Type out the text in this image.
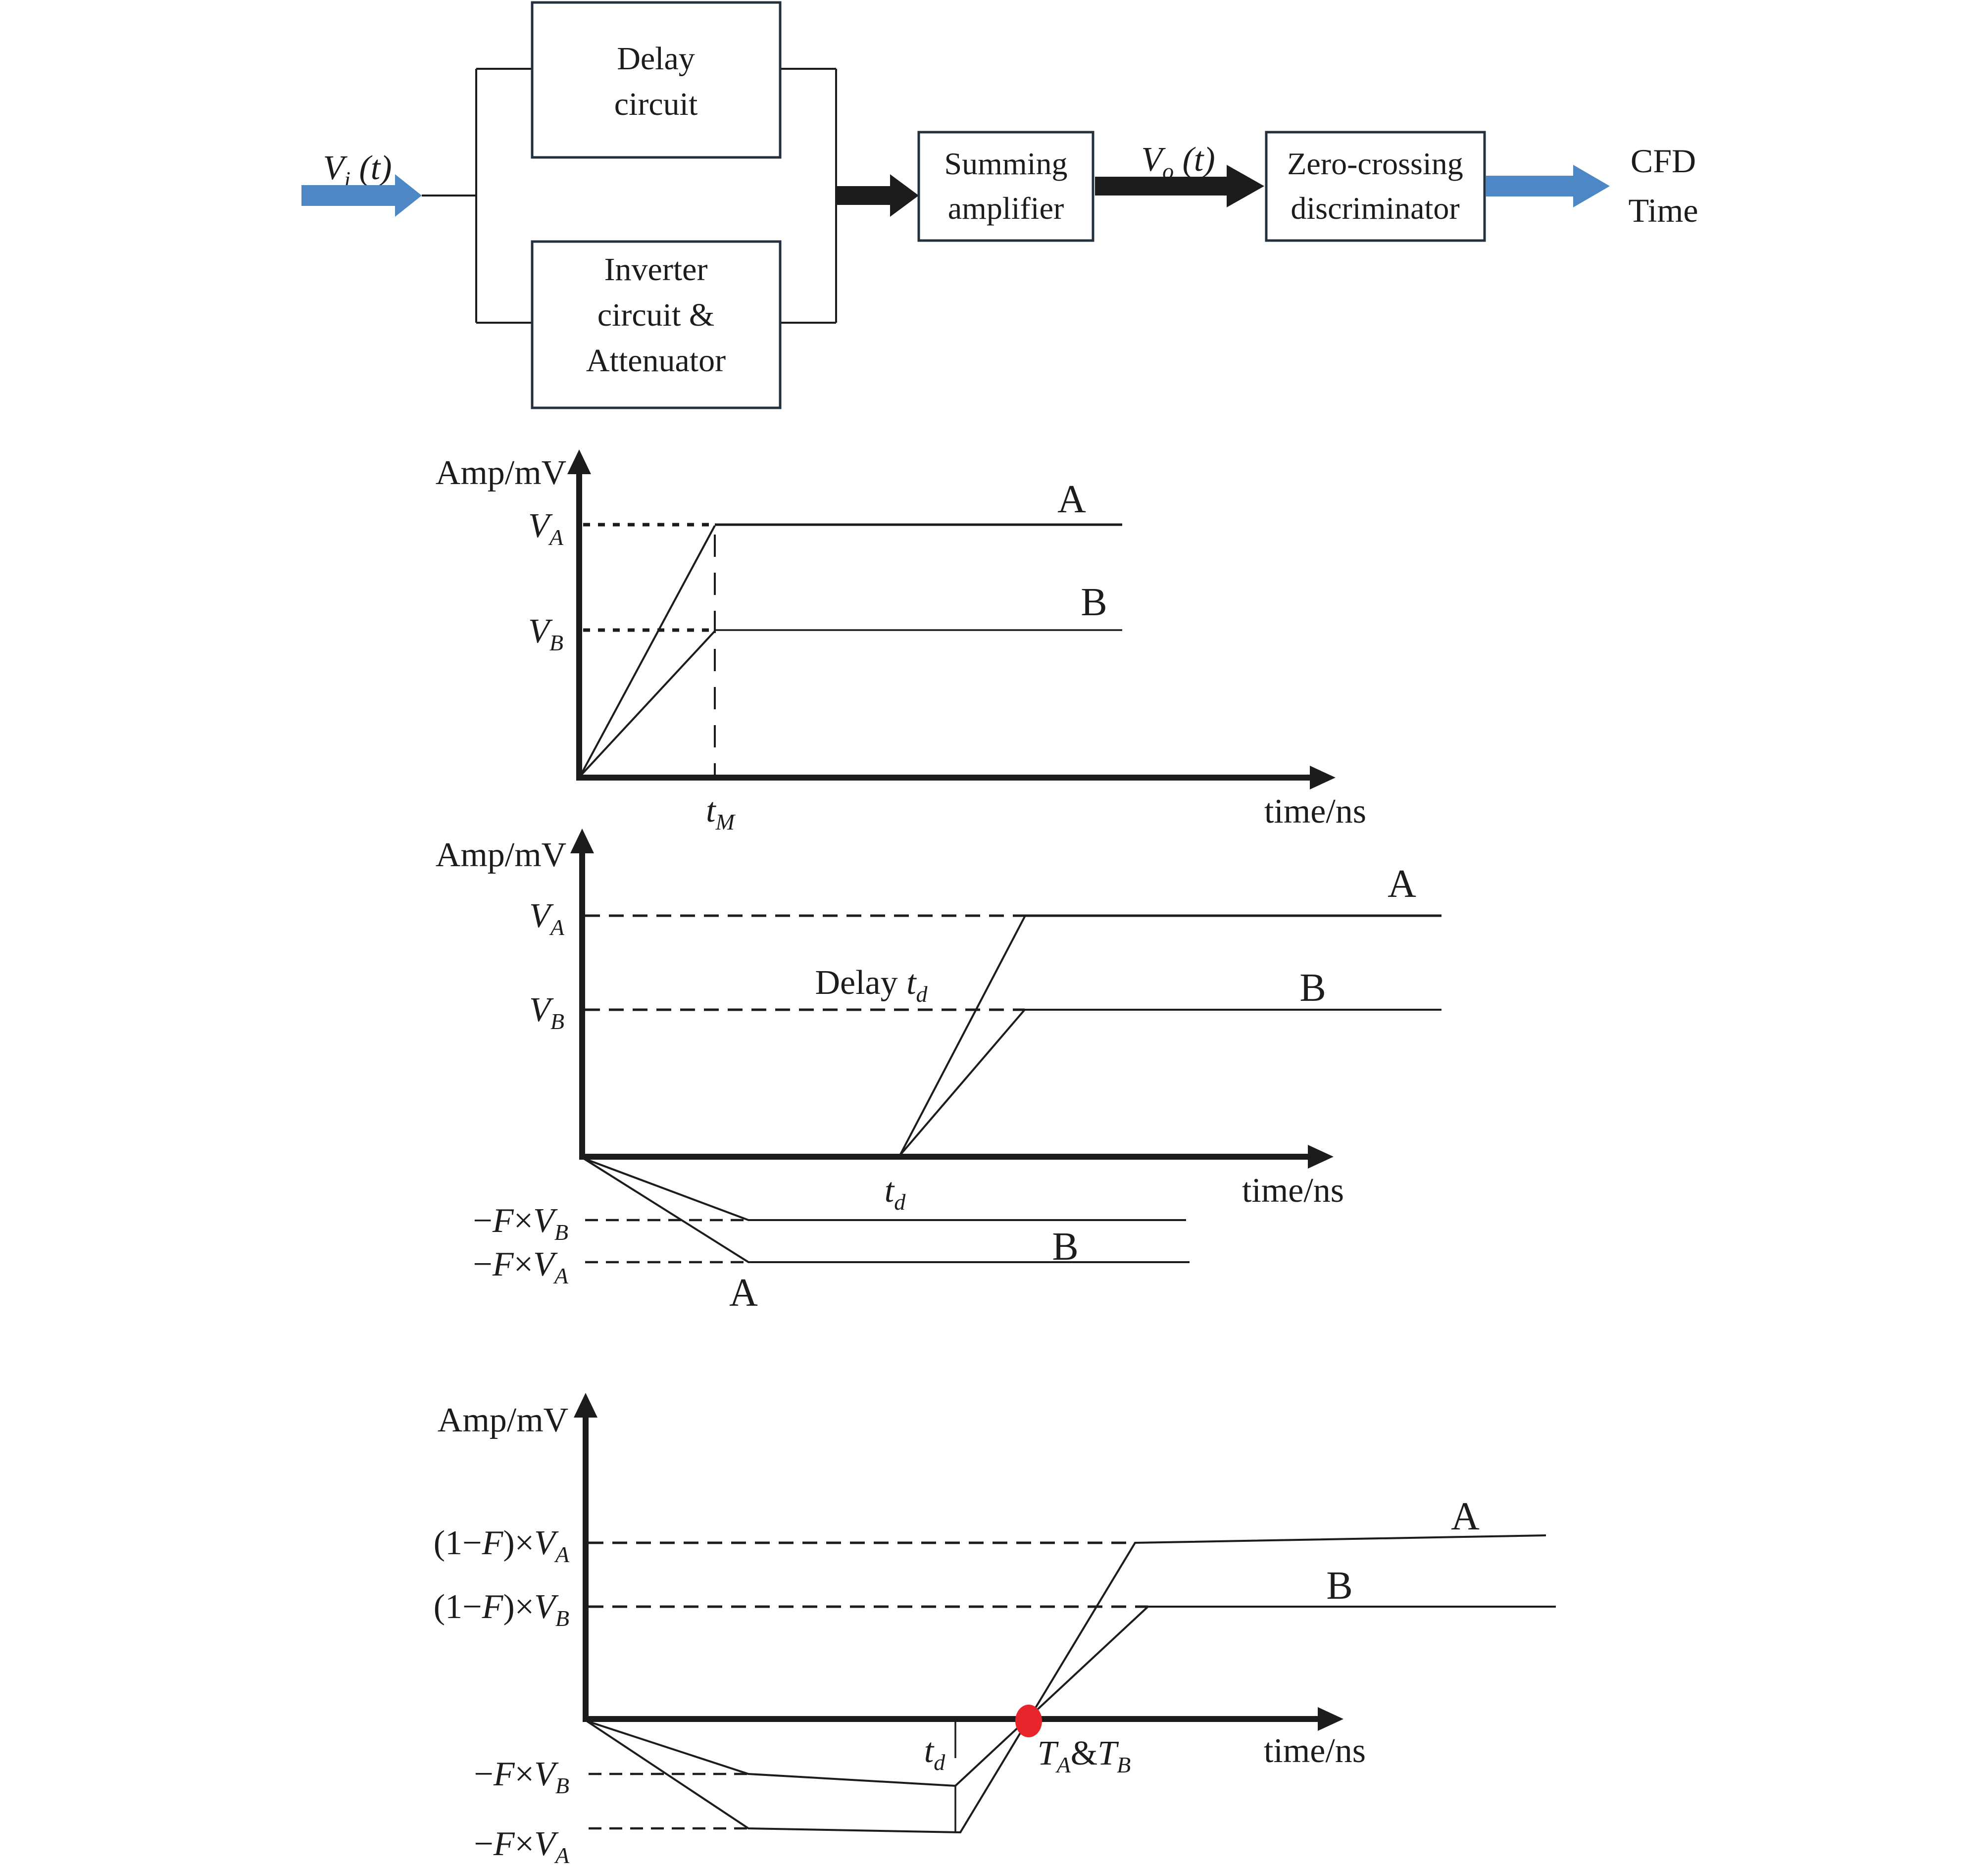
$V_i$ (t)
Delay
circuit
Inverter
circuit &
Attenuator
Summing
amplifier
$V_o$ (t) Zero-crossing
discriminator
CFD
Time
Amp/mV
time/ns
$V_A$
$V_B$
A
B
$t_M$
Amp/mV
time/ns
$V_A$
$V_B$
Delay $t_d$
A
B
$t_d$
$-F\times V_B$
$-F\times V_A$
B
A
Amp/mV
time/ns
$(1-F)\times V_A$
$(1-F)\times V_B$
$-F\times V_B$
$-F\times V_A$
$t_d$	$T_A\&T_B$
A
B
